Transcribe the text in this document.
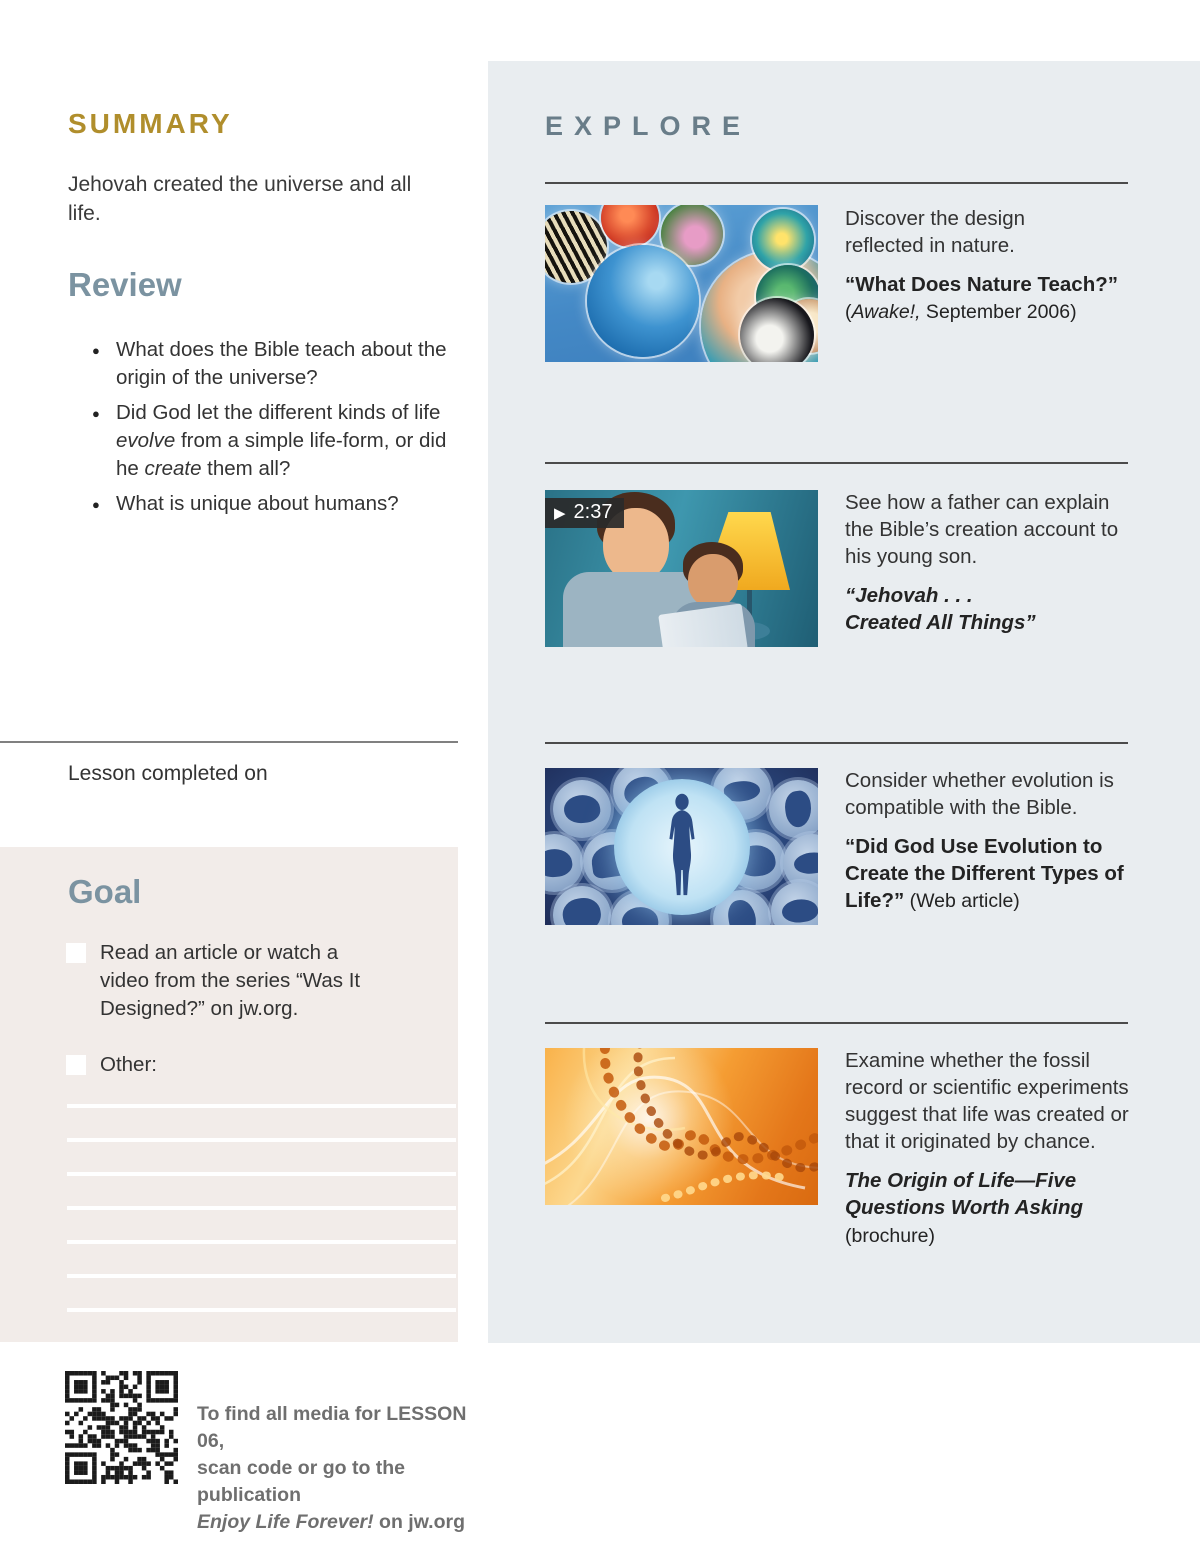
SUMMARY

Jehovah created the universe and all life.

Review
● What does the Bible teach about the origin of the universe?
● Did God let the different kinds of life evolve from a simple life-form, or did he create them all?
● What is unique about humans?

Lesson completed on

Goal
Read an article or watch a video from the series “Was It Designed?” on jw.org.
Other:

To find all media for LESSON 06,
scan code or go to the publication
Enjoy Life Forever! on jw.org

EXPLORE

Discover the design reflected in nature.

“What Does Nature Teach?”
(Awake!, September 2006)

▶ 2:37	See how a father can explain the Bible’s creation account to his young son.

“Jehovah . . .
Created All Things”

Consider whether evolution is compatible with the Bible.

“Did God Use Evolution to Create the Different Types of Life?” (Web article)

Examine whether the fossil record or scientific experiments suggest that life was created or that it originated by chance.

The Origin of Life—Five Questions Worth Asking (brochure)
